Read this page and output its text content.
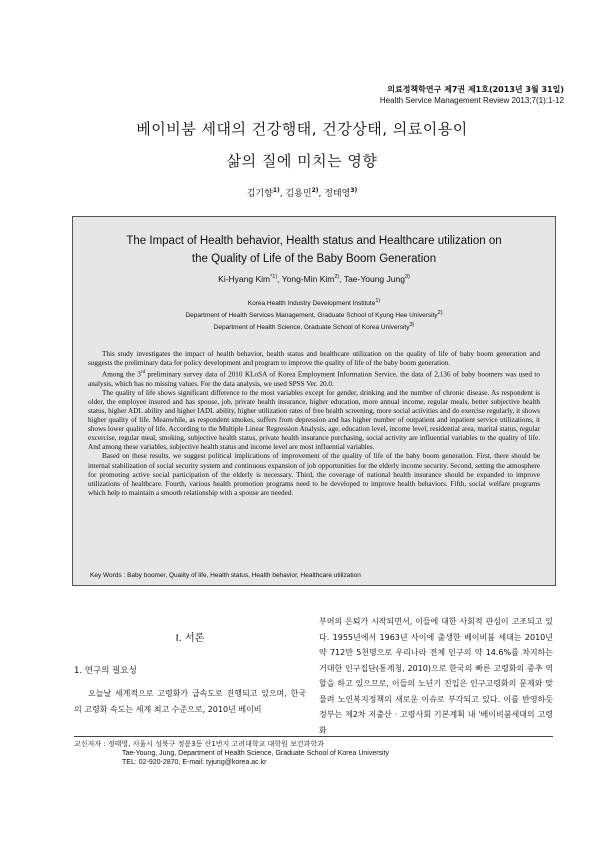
의료정책학연구 제7권 제1호(2013년 3월 31일)
Health Service Management Review 2013;7(1):1-12
베이비붐 세대의 건강행태, 건강상태, 의료이용이
삶의 질에 미치는 영향
김기향$^{1)}$, 김용민$^{2)}$, 정태영$^{3)}$
The Impact of Health behavior, Health status and Healthcare utilization on
the Quality of Life of the Baby Boom Generation
Ki-Hyang Kim$^{*1)}$, Yong-Min Kim$^{2)}$, Tae-Young Jung$^{3)}$
Korea Health Industry Development Institute$^{1)}$
Department of Health Services Management, Graduate School of Kyung Hee University$^{2)}$
Department of Health Science, Graduate School of Korea University$^{3)}$

This study investigates the impact of health behavior, health status and healthcare utilization on the quality of life of baby boom generation and suggests the preliminary data for policy development and program to improve the quality of life of the baby boom generation.

Among the 3rd preliminary survey data of 2010 KLoSA of Korea Employment Information Service, the data of 2,136 of baby boomers was used to analysis, which has no missing values. For the data analysis, we used SPSS Ver. 20.0.

The quality of life shows significant difference to the most variables except for gender, drinking and the number of chronic disease. As respondent is older, the employee insured and has spouse, job, private health insurance, higher education, more annual income, regular meals, better subjective health status, higher ADL ability and higher IADL ability, higher utilization rates of free health screening, more social activities and do exercise regularly, it shows higher quality of life. Meanwhile, as respondent smokes, suffers from depression and has higher number of outpatient and inpatient service utilizations, it shows lower quality of life. According to the Multiple Linear Regression Analysis, age, education level, income level, residential area, marital status, regular excercise, regular meal, smoking, subjective health status, private health insurance purchasing, social activity are influential variables to the quality of life. And among these variables, subjective health status and income level are most influential variables.

Based on these results, we suggest political implications of improvement of the quality of life of the baby boom generation. First, there should be internal stabilization of social security system and continuous expansion of job opportunities for the elderly income security. Second, setting the atmosphere for promoting active social participation of the elderly is necessary. Third, the coverage of national health insurance should be expanded to improve utilizations of healthcare. Fourth, various health promotion programs need to be developed to improve health behaviors. Fifth, social welfare programs which help to maintain a smooth relationship with a spouse are needed.

Key Words : Baby boomer, Quality of life, Health status, Health behavior, Healthcare utilization
Ⅰ. 서론
1. 연구의 필요성
오늘날 세계적으로 고령화가 급속도로 진행되고 있으며, 한국의 고령화 속도는 세계 최고 수준으로, 2010년 베이비
부머의 은퇴가 시작되면서, 이들에 대한 사회적 관심이 고조되고 있다. 1955년에서 1963년 사이에 출생한 베이비붐 세대는 2010년 약 712만 5천명으로 우리나라 전체 인구의 약 14.6%를 차지하는 거대한 인구집단(통계청, 2010)으로 한국의 빠른 고령화의 중추 역할을 하고 있으므로, 이들의 노년기 진입은 인구고령화의 문제와 맞물려 노인복지정책의 새로운 이슈로 부각되고 있다. 이를 반영하듯 정부는 제2차 저출산 · 고령사회 기본계획 내 '베이비붐세대의 고령화
교신저자 : 정태영, 서울시 성북구 정릉3동 산1번지 고려대학교 대학원 보건과학과
Tae-Young, Jung, Department of Health Science, Graduate School of Korea University
TEL: 02-920-2870, E-mail: tyjung@korea.ac.kr
